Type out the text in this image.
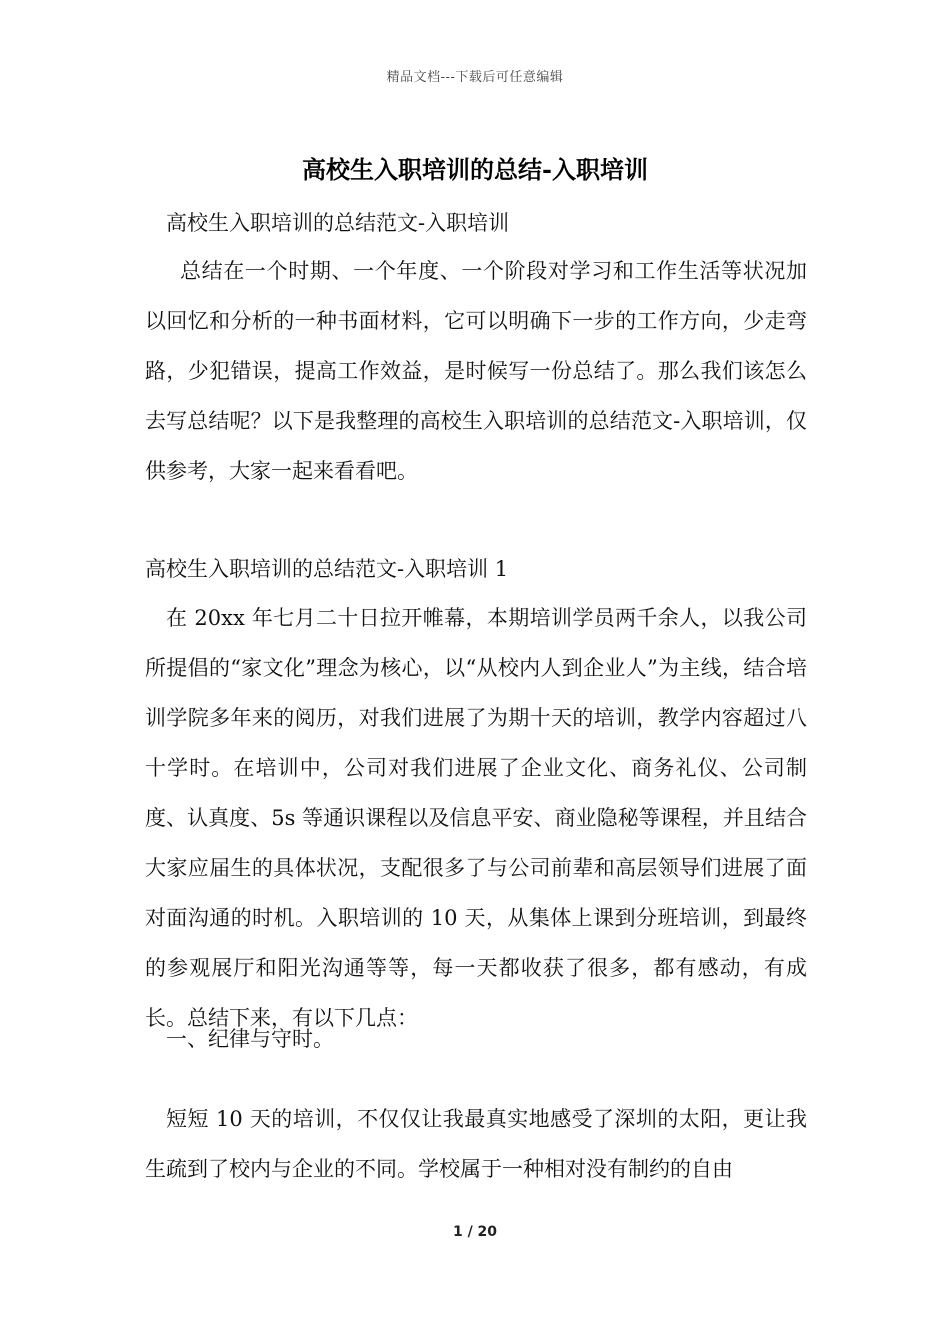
精品文档---下载后可任意编辑
高校生入职培训的总结-入职培训
高校生入职培训的总结范文-入职培训
总结在一个时期、一个年度、一个阶段对学习和工作生活等状况加以回忆和分析的一种书面材料，它可以明确下一步的工作方向，少走弯路，少犯错误，提高工作效益，是时候写一份总结了。那么我们该怎么去写总结呢？以下是我整理的高校生入职培训的总结范文-入职培训，仅供参考，大家一起来看看吧。
高校生入职培训的总结范文-入职培训 1
在 20xx 年七月二十日拉开帷幕，本期培训学员两千余人，以我公司所提倡的“家文化”理念为核心，以“从校内人到企业人”为主线，结合培训学院多年来的阅历，对我们进展了为期十天的培训，教学内容超过八十学时。在培训中，公司对我们进展了企业文化、商务礼仪、公司制度、认真度、5s 等通识课程以及信息平安、商业隐秘等课程，并且结合大家应届生的具体状况，支配很多了与公司前辈和高层领导们进展了面对面沟通的时机。入职培训的 10 天，从集体上课到分班培训，到最终的参观展厅和阳光沟通等等，每一天都收获了很多，都有感动，有成长。总结下来，有以下几点：
一、纪律与守时。
短短 10 天的培训，不仅仅让我最真实地感受了深圳的太阳，更让我生疏到了校内与企业的不同。学校属于一种相对没有制约的自由
1 / 20
